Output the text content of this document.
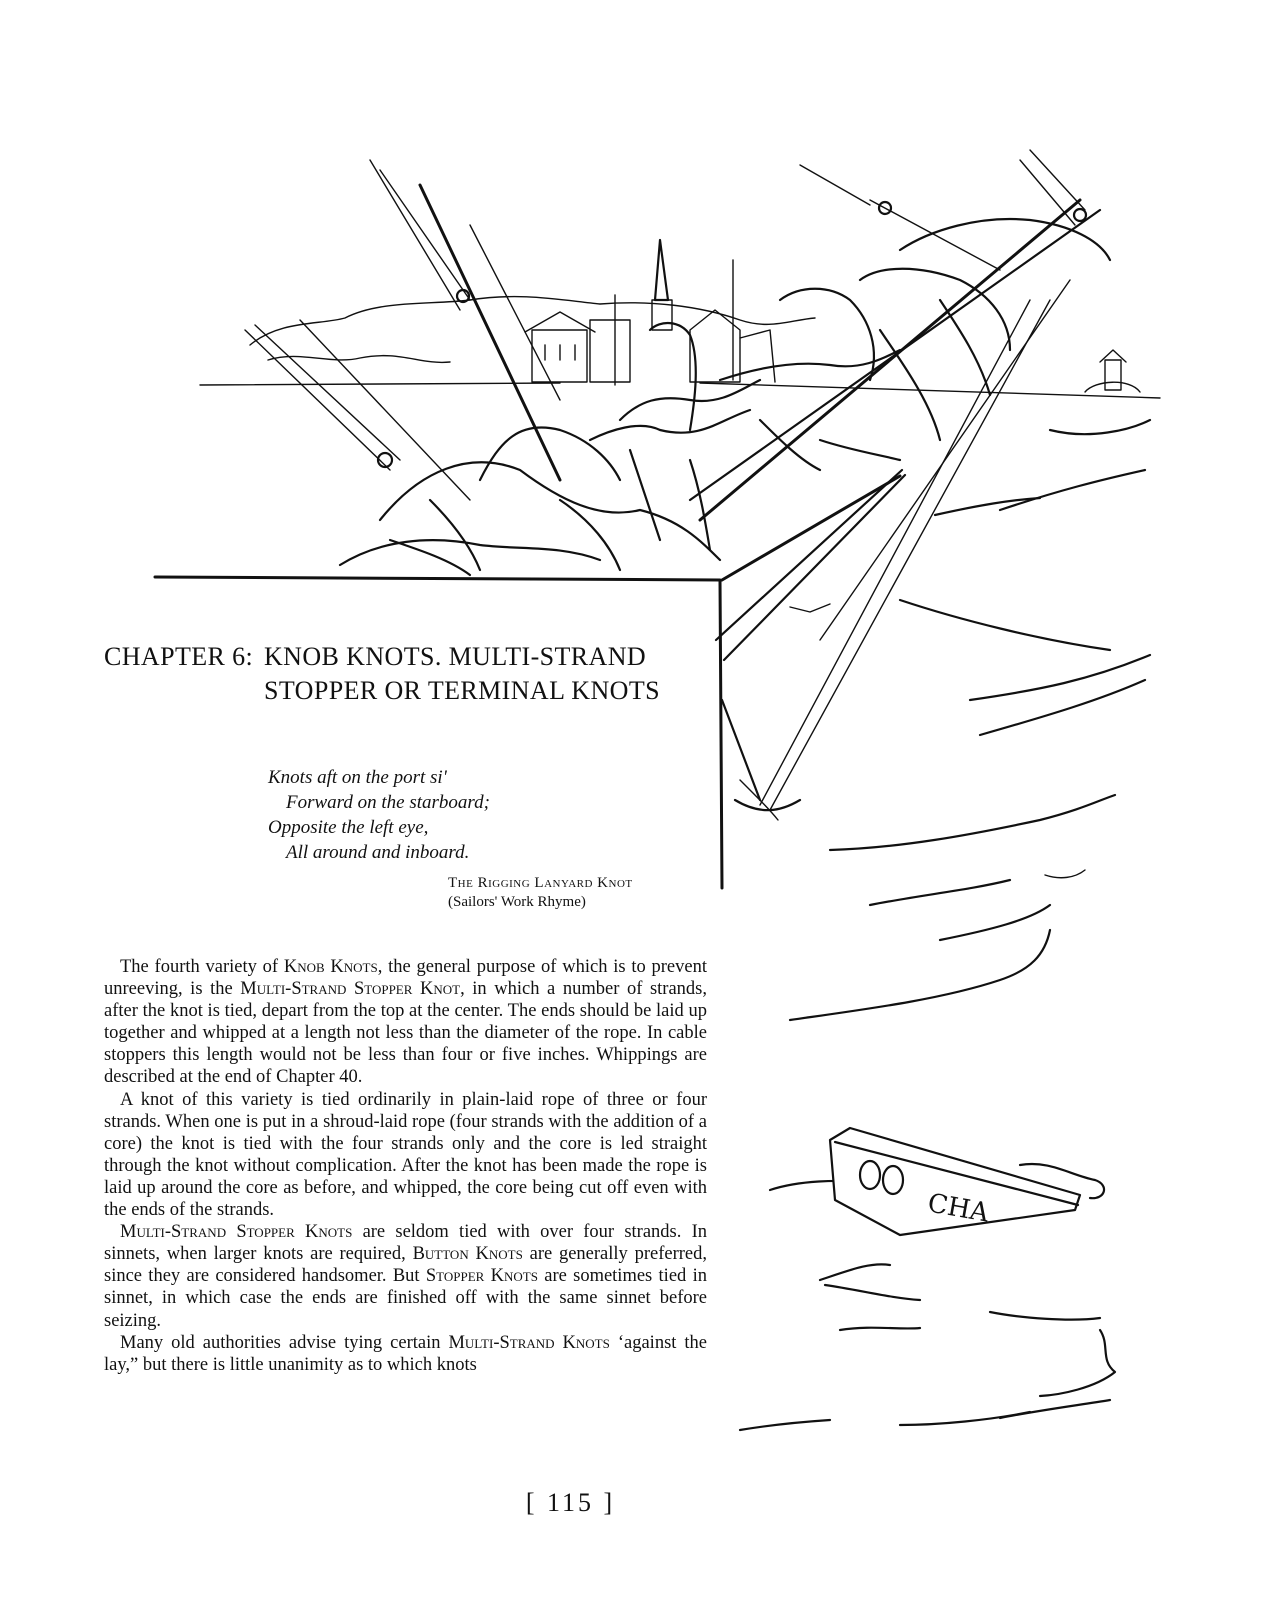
CHA
CHAPTER 6: KNOB KNOTS. MULTI-STRAND
STOPPER OR TERMINAL KNOTS
Knots aft on the port si'
Forward on the starboard;
Opposite the left eye,
All around and inboard.
The Rigging Lanyard Knot
(Sailors' Work Rhyme)

The fourth variety of Knob Knots, the general purpose of which is to prevent unreeving, is the Multi-Strand Stopper Knot, in which a number of strands, after the knot is tied, depart from the top at the center. The ends should be laid up together and whipped at a length not less than the diameter of the rope. In cable stoppers this length would not be less than four or five inches. Whippings are described at the end of Chapter 40.

A knot of this variety is tied ordinarily in plain-laid rope of three or four strands. When one is put in a shroud-laid rope (four strands with the addition of a core) the knot is tied with the four strands only and the core is led straight through the knot without complication. After the knot has been made the rope is laid up around the core as before, and whipped, the core being cut off even with the ends of the strands.

Multi-Strand Stopper Knots are seldom tied with over four strands. In sinnets, when larger knots are required, Button Knots are generally preferred, since they are considered handsomer. But Stopper Knots are sometimes tied in sinnet, in which case the ends are finished off with the same sinnet before seizing.

Many old authorities advise tying certain Multi-Strand Knots ‘against the lay,” but there is little unanimity as to which knots

[ 115 ]
